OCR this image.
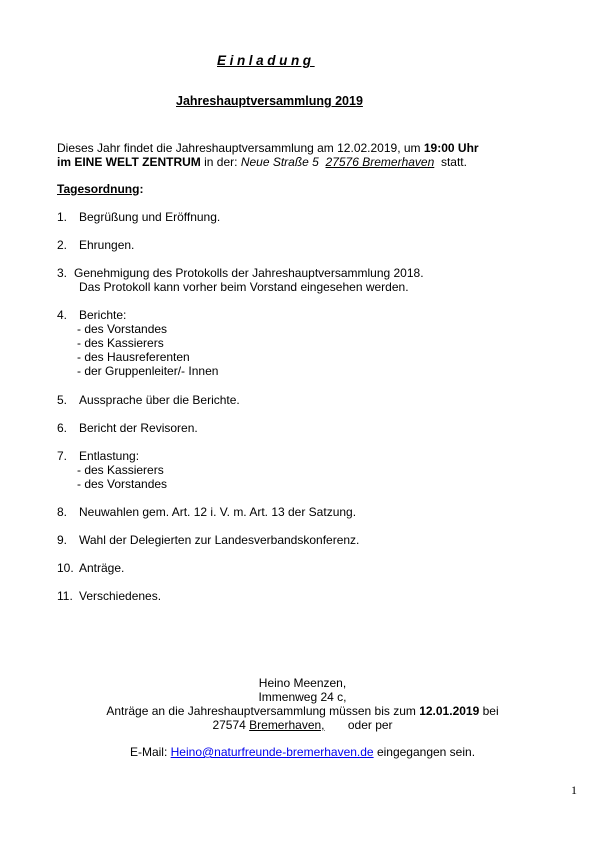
Einladung
Jahreshauptversammlung 2019
Dieses Jahr findet die Jahreshauptversammlung am 12.02.2019, um 19:00 Uhr
im EINE WELT ZENTRUM in der: Neue Straße 5 27576 Bremerhaven statt.
Tagesordnung:
1. Begrüßung und Eröffnung.
2. Ehrungen.
3. Genehmigung des Protokolls der Jahreshauptversammlung 2018.
Das Protokoll kann vorher beim Vorstand eingesehen werden.
4. Berichte:
- des Vorstandes
- des Kassierers
- des Hausreferenten
- der Gruppenleiter/- Innen
5. Aussprache über die Berichte.
6. Bericht der Revisoren.
7. Entlastung:
- des Kassierers
- des Vorstandes
8. Neuwahlen gem. Art. 12 i. V. m. Art. 13 der Satzung.
9. Wahl der Delegierten zur Landesverbandskonferenz.
10. Anträge.
11. Verschiedenes.
Heino Meenzen,
Immenweg 24 c,
Anträge an die Jahreshauptversammlung müssen bis zum 12.01.2019 bei
27574 Bremerhaven, oder per
E-Mail: Heino@naturfreunde-bremerhaven.de eingegangen sein.
1
